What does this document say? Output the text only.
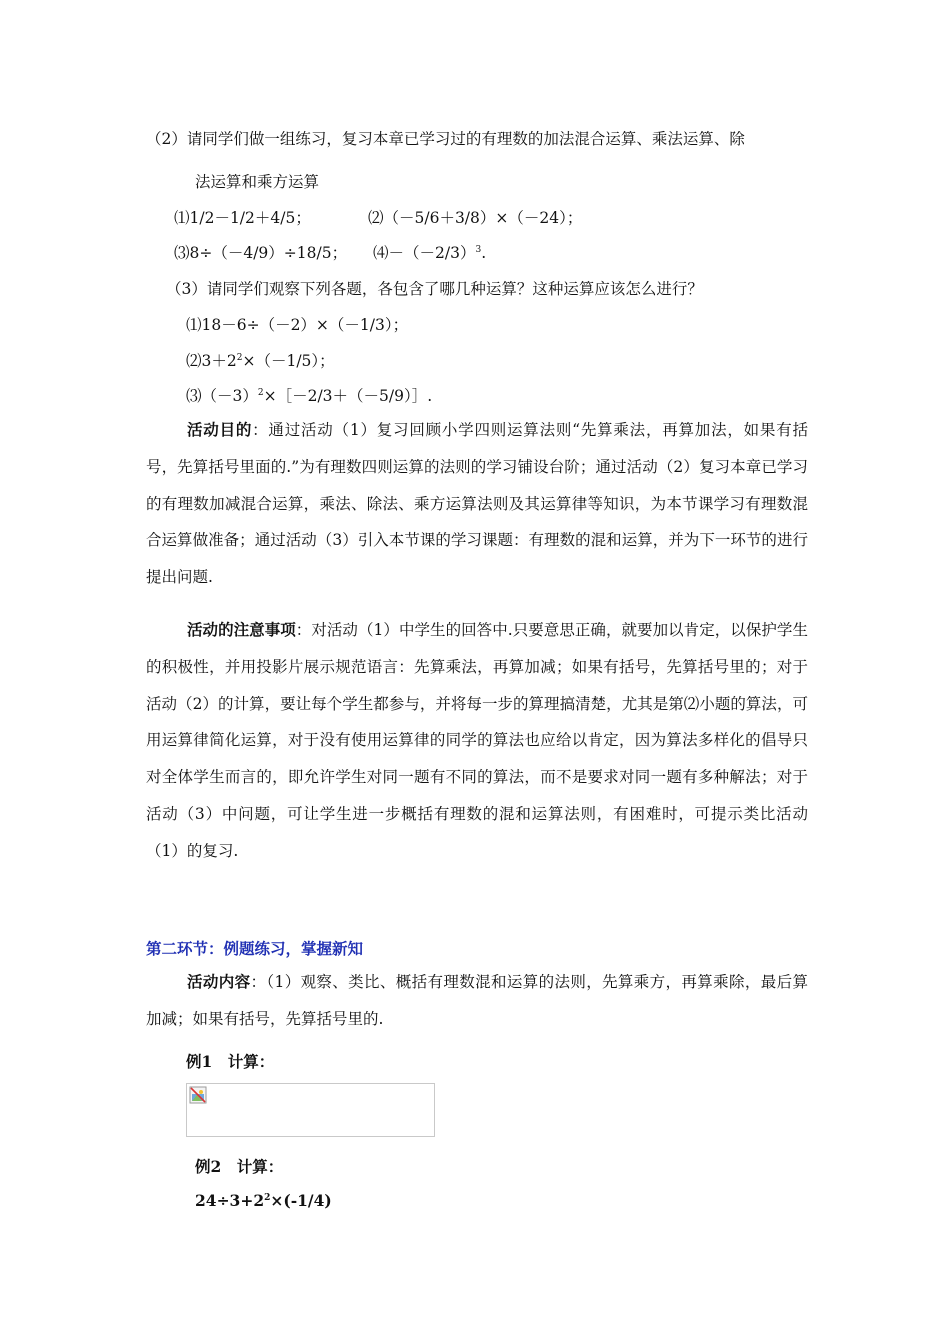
（2）请同学们做一组练习，复习本章已学习过的有理数的加法混合运算、乘法运算、除
法运算和乘方运算
⑴1/2－1/2＋4/5；	⑵（－5/6＋3/8）×（－24）；
⑶8÷（－4/9）÷18/5； $⑷-(-2/3)^3$.
（3）请同学们观察下列各题，各包含了哪几种运算？这种运算应该怎么进行？
⑴18－6÷（－2）×（－1/3）；
$⑵3+2^2\times(-1/5)$；
$⑶(-3)^2\times[-2/3+(-5/9)]$.
活动目的：通过活动（1）复习回顾小学四则运算法则“先算乘法，再算加法，如果有括号，先算括号里面的.”为有理数四则运算的法则的学习铺设台阶；通过活动（2）复习本章已学习的有理数加减混合运算，乘法、除法、乘方运算法则及其运算律等知识，为本节课学习有理数混合运算做准备；通过活动（3）引入本节课的学习课题：有理数的混和运算，并为下一环节的进行提出问题.
活动的注意事项：对活动（1）中学生的回答中.只要意思正确，就要加以肯定，以保护学生的积极性，并用投影片展示规范语言：先算乘法，再算加减；如果有括号，先算括号里的；对于活动（2）的计算，要让每个学生都参与，并将每一步的算理搞清楚，尤其是第⑵小题的算法，可用运算律简化运算，对于没有使用运算律的同学的算法也应给以肯定，因为算法多样化的倡导只对全体学生而言的，即允许学生对同一题有不同的算法，而不是要求对同一题有多种解法；对于活动（3）中问题，可让学生进一步概括有理数的混和运算法则，有困难时，可提示类比活动（1）的复习.
第二环节：例题练习，掌握新知
活动内容：（1）观察、类比、概括有理数混和运算的法则，先算乘方，再算乘除，最后算加减；如果有括号，先算括号里的.
例1　计算：
例2　计算：
$24\div 3+2^2\times(-1/4)$
